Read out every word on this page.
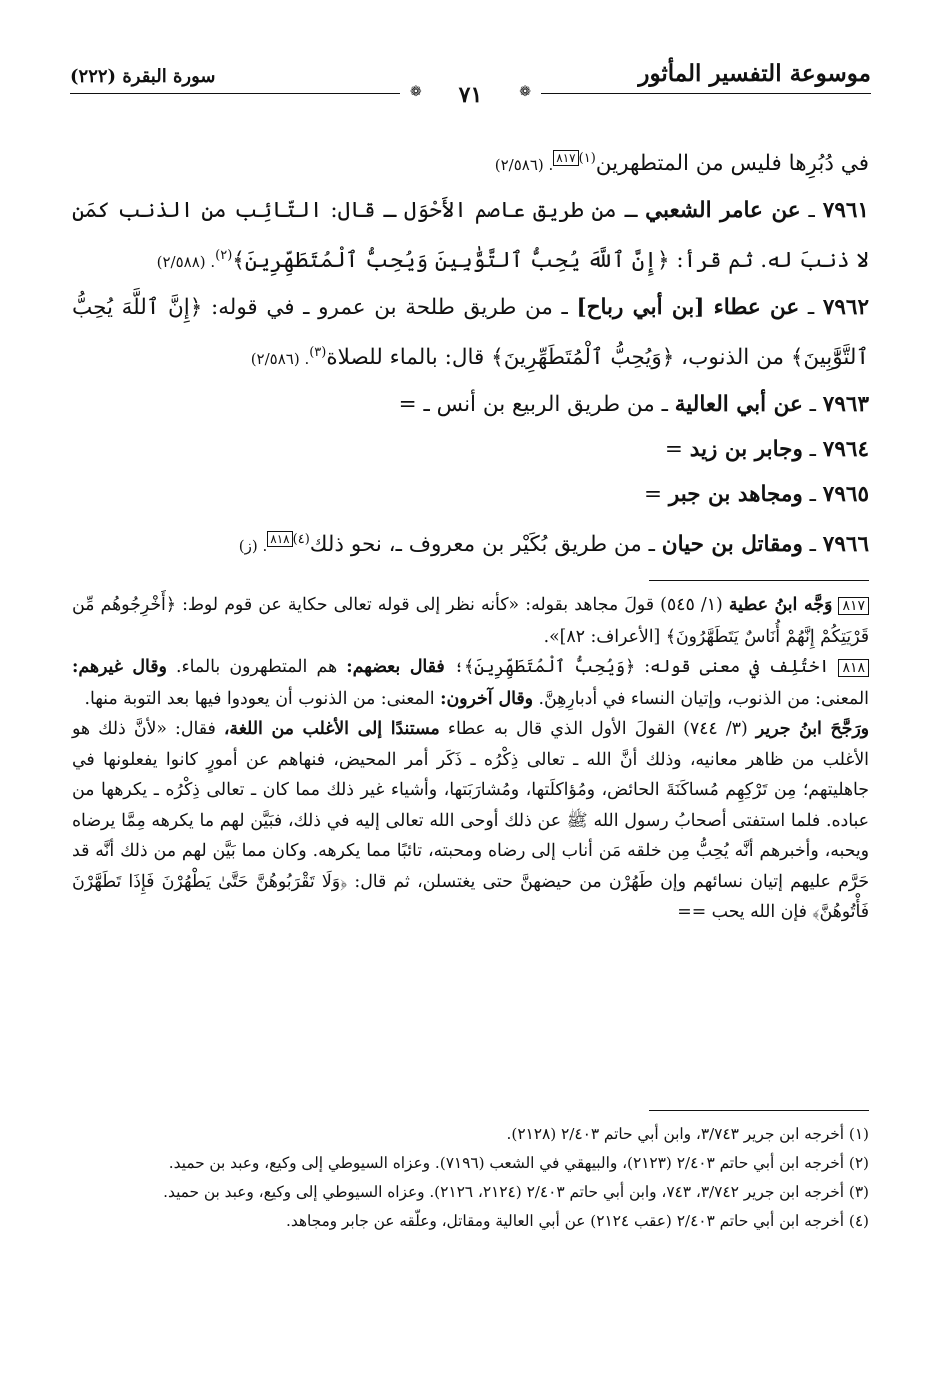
موسوعة التفسير المأثور
❁
٧١
❁
سورة البقرة (٢٢٢)

في دُبُرِها فليس من المتطهرين$^{(١)٨١٧}$. (٢/٥٨٦)

٧٩٦١ ـ عن عامر الشعبي ـ من طريق عاصم الأَحْوَل ـ قال: التّائِب من الذنب كمَن لا ذنبَ له. ثم قرأ: ﴿إِنَّ ٱللَّهَ يُحِبُّ ٱلتَّوَّٰبِينَ وَيُحِبُّ ٱلْمُتَطَهِّرِينَ﴾$^{(٢)}$. (٢/٥٨٨)

٧٩٦٢ ـ عن عطاء [بن أبي رباح] ـ من طريق طلحة بن عمرو ـ في قوله: ﴿إِنَّ ٱللَّهَ يُحِبُّ ٱلتَّوَّٰبِينَ﴾ من الذنوب، ﴿وَيُحِبُّ ٱلْمُتَطَهِّرِينَ﴾ قال: بالماء للصلاة$^{(٣)}$. (٢/٥٨٦)

٧٩٦٣ ـ عن أبي العالية ـ من طريق الربيع بن أنس ـ =

٧٩٦٤ ـ وجابر بن زيد =

٧٩٦٥ ـ ومجاهد بن جبر =

٧٩٦٦ ـ ومقاتل بن حيان ـ من طريق بُكَيْر بن معروف ـ، نحو ذلك$^{(٤)٨١٨}$. (ز)

٨١٧ وَجَّه ابنُ عطية (١/ ٥٤٥) قولَ مجاهد بقوله: «كأنه نظر إلى قوله تعالى حكاية عن قوم لوط: ﴿أَخْرِجُوهُم مِّن قَرْيَتِكُمْ إِنَّهُمْ أُنَاسٌ يَتَطَهَّرُونَ﴾ [الأعراف: ٨٢]».

٨١٨ اختُلِف في معنى قوله: ﴿وَيُحِبُّ ٱلْمُتَطَهِّرِينَ﴾؛ فقال بعضهم: هم المتطهرون بالماء. وقال غيرهم: المعنى: من الذنوب، وإتيان النساء في أدبارِهِنَّ. وقال آخرون: المعنى: من الذنوب أن يعودوا فيها بعد التوبة منها.

ورَجَّحَ ابنُ جرير (٣/ ٧٤٤) القولَ الأول الذي قال به عطاء مستندًا إلى الأغلب من اللغة، فقال: «لأنَّ ذلك هو الأغلب من ظاهر معانيه، وذلك أنَّ الله ـ تعالى ذِكْرُه ـ ذَكَر أمر المحيض، فنهاهم عن أمورٍ كانوا يفعلونها في جاهليتهم؛ مِن تَرْكِهِم مُساكَنَةَ الحائض، ومُؤاكلَتها، ومُشارَبَتها، وأشياء غير ذلك مما كان ـ تعالى ذِكْرُه ـ يكرهها من عباده. فلما استفتى أصحابُ رسول الله ﷺ عن ذلك أوحى الله تعالى إليه في ذلك، فبَيَّن لهم ما يكرهه مِمَّا يرضاه ويحبه، وأخبرهم أنَّه يُحِبُّ مِن خلقه مَن أناب إلى رضاه ومحبته، تائبًا مما يكرهه. وكان مما بَيَّن لهم من ذلك أنَّه قد حَرَّم عليهم إتيان نسائهم وإن طَهُرْن من حيضهنَّ حتى يغتسلن، ثم قال: ﴿وَلَا تَقْرَبُوهُنَّ حَتَّىٰ يَطْهُرْنَ فَإِذَا تَطَهَّرْنَ فَأْتُوهُنَّ﴾ فإن الله يحب ==

(١) أخرجه ابن جرير ٣/٧٤٣، وابن أبي حاتم ٢/٤٠٣ (٢١٢٨).

(٢) أخرجه ابن أبي حاتم ٢/٤٠٣ (٢١٢٣)، والبيهقي في الشعب (٧١٩٦). وعزاه السيوطي إلى وكيع، وعبد بن حميد.

(٣) أخرجه ابن جرير ٣/٧٤٢، ٧٤٣، وابن أبي حاتم ٢/٤٠٣ (٢١٢٤، ٢١٢٦). وعزاه السيوطي إلى وكيع، وعبد بن حميد.

(٤) أخرجه ابن أبي حاتم ٢/٤٠٣ (عقب ٢١٢٤) عن أبي العالية ومقاتل، وعلّقه عن جابر ومجاهد.
